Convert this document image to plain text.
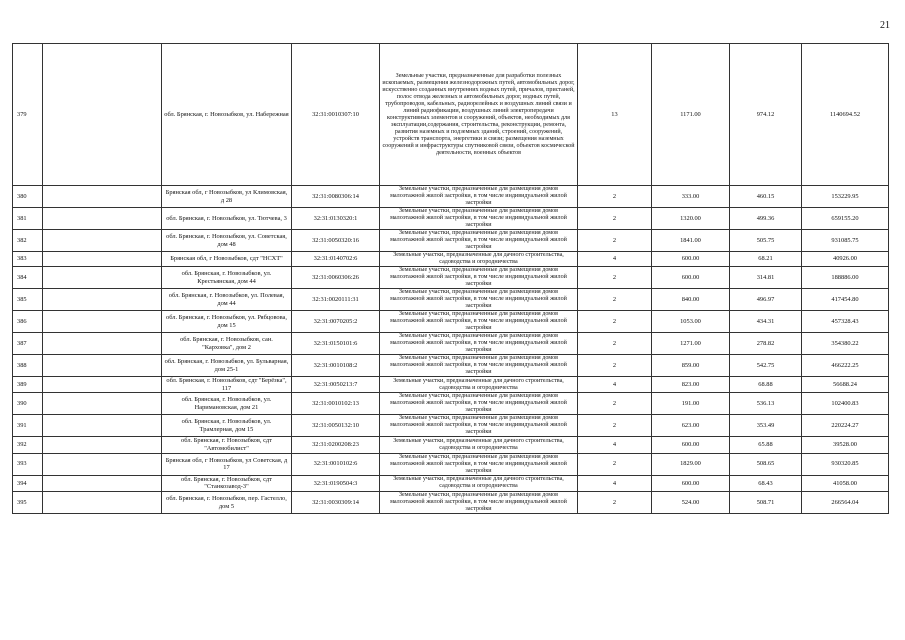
21
379		обл. Брянская, г. Новозыбков, ул. Набережная	32:31:0010307:10	Земельные участки, предназначенные для разработки полезных ископаемых, размещения железнодорожных путей, автомобильных дорог, искусственно созданных внутренних водных путей, причалов, пристаней, полос отвода железных и автомобильных дорог, водных путей, трубопроводов, кабельных, радиорелейных и воздушных линий связи и линий радиофикации, воздушных линий электропередачи конструктивных элементов и сооружений, объектов, необходимых для эксплуатации,содержания, строительства, реконструкции, ремонта, развития наземных и подземных зданий, строений, сооружений, устройств транспорта, энергетики и связи; размещения наземных сооружений и инфраструктуры спутниковой связи, объектов космической деятельности, военных объектов	13	1171.00	974.12	1140694.52
380		Брянская обл, г Новозыбков, ул Климовская, д 28	32:31:0080306:14	Земельные участки, предназначенные для размещения домов малоэтажной жилой застройки, в том числе индивидуальной жилой застройки	2	333.00	460.15	153229.95
381		обл. Брянская, г. Новозыбков, ул. Тютчева, 3	32:31:0130320:1	Земельные участки, предназначенные для размещения домов малоэтажной жилой застройки, в том числе индивидуальной жилой застройки	2	1320.00	499.36	659155.20
382		обл. Брянская, г. Новозыбков, ул. Советская, дом 48	32:31:0050320:16	Земельные участки, предназначенные для размещения домов малоэтажной жилой застройки, в том числе индивидуальной жилой застройки	2	1841.00	505.75	931085.75
383		Брянская обл, г Новозыбков, сдт "НСХТ"	32:31:0140702:6	Земельные участки, предназначенные для дачного строительства, садоводства и огородничества	4	600.00	68.21	40926.00
384		обл. Брянская, г. Новозыбков, ул. Крестьянская, дом 44	32:31:0060306:26	Земельные участки, предназначенные для размещения домов малоэтажной жилой застройки, в том числе индивидуальной жилой застройки	2	600.00	314.81	188886.00
385		обл. Брянская, г. Новозыбков, ул. Полевая, дом 44	32:31:0020111:31	Земельные участки, предназначенные для размещения домов малоэтажной жилой застройки, в том числе индивидуальной жилой застройки	2	840.00	496.97	417454.80
386		обл. Брянская, г. Новозыбков, ул. Рябцовова, дом 15	32:31:0070205:2	Земельные участки, предназначенные для размещения домов малоэтажной жилой застройки, в том числе индивидуальной жилой застройки	2	1053.00	434.31	457328.43
387		обл. Брянская, г. Новозыбков, сан. "Карховка", дом 2	32:31:0150101:6	Земельные участки, предназначенные для размещения домов малоэтажной жилой застройки, в том числе индивидуальной жилой застройки	2	1271.00	278.82	354380.22
388		обл. Брянская, г. Новозыбков, ул. Бульварная, дом 25-1	32:31:0010108:2	Земельные участки, предназначенные для размещения домов малоэтажной жилой застройки, в том числе индивидуальной жилой застройки	2	859.00	542.75	466222.25
389		обл. Брянская, г. Новозыбков, сдт "Берёзка", 117	32:31:0050213:7	Земельные участки, предназначенные для дачного строительства, садоводства и огородничества	4	823.00	68.88	56688.24
390		обл. Брянская, г. Новозыбков, ул. Наримановская, дом 21	32:31:0010102:13	Земельные участки, предназначенные для размещения домов малоэтажной жилой застройки, в том числе индивидуальной жилой застройки	2	191.00	536.13	102400.83
391		обл. Брянская, г. Новозыбков, ул. Трамлерная, дом 15	32:31:0050132:10	Земельные участки, предназначенные для размещения домов малоэтажной жилой застройки, в том числе индивидуальной жилой застройки	2	623.00	353.49	220224.27
392		обл. Брянская, г. Новозыбков, сдт "Автомобилист"	32:31:0200208:23	Земельные участки, предназначенные для дачного строительства, садоводства и огородничества	4	600.00	65.88	39528.00
393		Брянская обл, г Новозыбков, ул Советская, д 17	32:31:0010102:6	Земельные участки, предназначенные для размещения домов малоэтажной жилой застройки, в том числе индивидуальной жилой застройки	2	1829.00	508.65	930320.85
394		обл. Брянская, г. Новозыбков, сдт "Станкозавод-3"	32:31:0190504:3	Земельные участки, предназначенные для дачного строительства, садоводства и огородничества	4	600.00	68.43	41058.00
395		обл. Брянская, г. Новозыбков, пер. Гастелло, дом 5	32:31:0030309:14	Земельные участки, предназначенные для размещения домов малоэтажной жилой застройки, в том числе индивидуальной жилой застройки	2	524.00	508.71	266564.04
